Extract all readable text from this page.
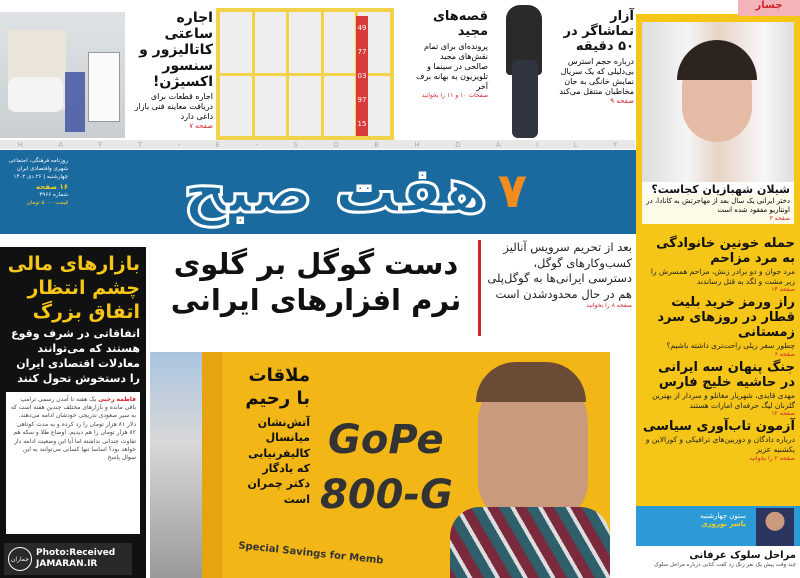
اجاره ساعتی کاتالیزور و سنسور اکسیژن!
اجاره قطعات برای دریافت معاینه فنی بازار داغی دارد
صفحه ۷
49
77
03
97
15
قصه‌های مجید
پرونده‌ای برای تمام نقش‌های مجید صالحی در سینما و تلویزیون به بهانه برف آخر
صفحات ۱۰ و ۱۱ را بخوانید
آزار تماشاگر در ۵۰ دقیقه
درباره حجم استرس بی‌دلیلی که یک سریال نمایش خانگی به جان مخاطبان منتقل می‌کند
صفحه ۹
H	A	F	T	-	E	-	S	O	B	H	D	A	I	L	Y
شیلان شهبازیان کجاست؟
دختر ایرانی یک سال بعد از مهاجرتش به کانادا، در اونتاریو مفقود شده است
صفحه ۳
جسار
روزنامه فرهنگی، اجتماعی
شهری واقتصادی ایران
چهارشنبه | ۲۶ دی ۱۴۰۲
۱۶ صفحه
شماره ۳۹۶۶
قیمت ۵۰۰۰ تومان هفت صبح ۷
دست گوگل بر گلوی نرم افزارهای ایرانی
بعد از تحریم سرویس آنالیز کسب‌وکارهای گوگل، دسترسی ایرانی‌ها به گوگل‌پلی هم در حال محدودشدن است
صفحه ۸ را بخوانید
بازارهای مالی چشم انتظار اتفاق بزرگ
اتفاقاتی در شرف وقوع هستند که می‌توانند معادلات اقتصادی ایران را دستخوش تحول کنند
فاطمه رجبی یک هفته تا آمدن رسمی ترامپ باقی مانده و بازارهای مختلف چندین هفته است که به سیر صعودی تدریجی خودشان ادامه می‌دهند. دلار ۸۱ هزار تومان را رد کرده و به مدت کوتاهی ۸۲ هزار تومان را هم دیدیم. اوضاع طلا و سکه هم تفاوت چندانی نداشته اما آیا این وضعیت ادامه دار خواهد بود؟ اساسا تنها کسانی می‌توانند به این سوال پاسخ
جماران
Photo:Received
JAMARAN.IR
ملاقات با رحیم
آتش‌نشان میانسال کالیفرنیایی که یادگار دکتر چمران است
GoPe
800-G
Special Savings for Memb
حمله خونین خانوادگی به مرد مزاحم
مرد جوان و دو برادر زنش، مزاحم همسرش را زیر مشت و لگد به قتل رساندند
صفحه ۱۴
راز ورمز خرید بلیت قطار در روزهای سرد زمستانی
چطور سفر ریلی راحت‌تری داشته باشیم؟
صفحه ۶
جنگ پنهان سه ایرانی در حاشیه خلیج فارس
مهدی قایدی، شهریار مغانلو و سردار از بهترین گلزنان لیگ حرفه‌ای امارات هستند
صفحه ۱۲
آزمون تاب‌آوری سیاسی
درباره دادگان و دوربین‌های ترافیکی و کورالاین و یکشنبه عزیز
صفحه ۲ را بخوانید
ستون چهارشنبه
یاسر نوروزی
مراحل سلوک عرفانی
چند وقت پیش یک نفر زنگ زد گفت کتابی درباره مراحل سلوک
